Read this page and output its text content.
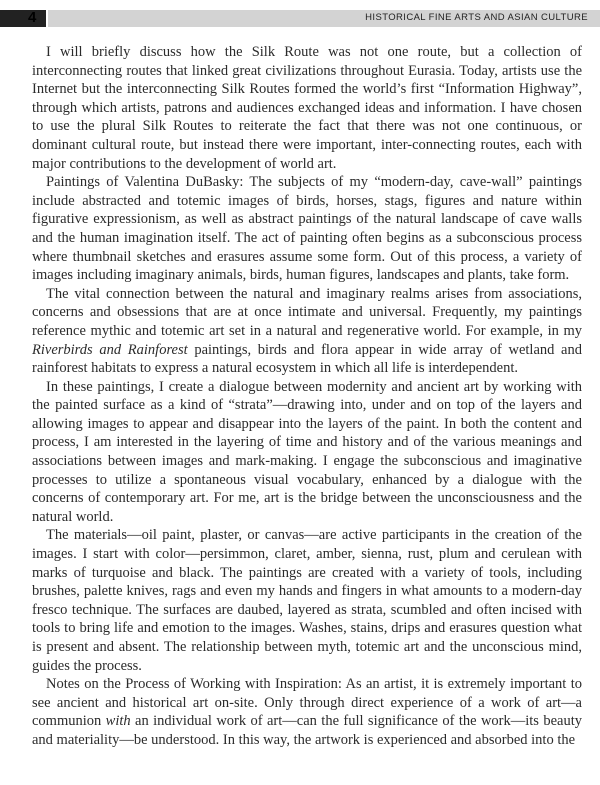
4	HISTORICAL FINE ARTS AND ASIAN CULTURE

I will briefly discuss how the Silk Route was not one route, but a collection of interconnecting routes that linked great civilizations throughout Eurasia. Today, artists use the Internet but the interconnecting Silk Routes formed the world’s first “Information Highway”, through which artists, patrons and audiences exchanged ideas and information. I have chosen to use the plural Silk Routes to reiterate the fact that there was not one continuous, or dominant cultural route, but instead there were important, inter-connecting routes, each with major contributions to the development of world art.

Paintings of Valentina DuBasky: The subjects of my “modern-day, cave-wall” paintings include abstracted and totemic images of birds, horses, stags, figures and nature within figurative expressionism, as well as abstract paintings of the natural landscape of cave walls and the human imagination itself. The act of painting often begins as a subconscious process where thumbnail sketches and erasures assume some form. Out of this process, a variety of images including imaginary animals, birds, human figures, landscapes and plants, take form.

The vital connection between the natural and imaginary realms arises from associations, concerns and obsessions that are at once intimate and universal. Frequently, my paintings reference mythic and totemic art set in a natural and regenerative world. For example, in my Riverbirds and Rainforest paintings, birds and flora appear in wide array of wetland and rainforest habitats to express a natural ecosystem in which all life is interdependent.

In these paintings, I create a dialogue between modernity and ancient art by working with the painted surface as a kind of “strata”—drawing into, under and on top of the layers and allowing images to appear and disappear into the layers of the paint. In both the content and process, I am interested in the layering of time and history and of the various meanings and associations between images and mark-making. I engage the subconscious and imaginative processes to utilize a spontaneous visual vocabulary, enhanced by a dialogue with the concerns of contemporary art. For me, art is the bridge between the unconsciousness and the natural world.

The materials—oil paint, plaster, or canvas—are active participants in the creation of the images. I start with color—persimmon, claret, amber, sienna, rust, plum and cerulean with marks of turquoise and black. The paintings are created with a variety of tools, including brushes, palette knives, rags and even my hands and fingers in what amounts to a modern-day fresco technique. The surfaces are daubed, layered as strata, scumbled and often incised with tools to bring life and emotion to the images. Washes, stains, drips and erasures question what is present and absent. The relationship between myth, totemic art and the unconscious mind, guides the process.

Notes on the Process of Working with Inspiration: As an artist, it is extremely important to see ancient and historical art on-site. Only through direct experience of a work of art—a communion with an individual work of art—can the full significance of the work—its beauty and materiality—be understood. In this way, the artwork is experienced and absorbed into the
